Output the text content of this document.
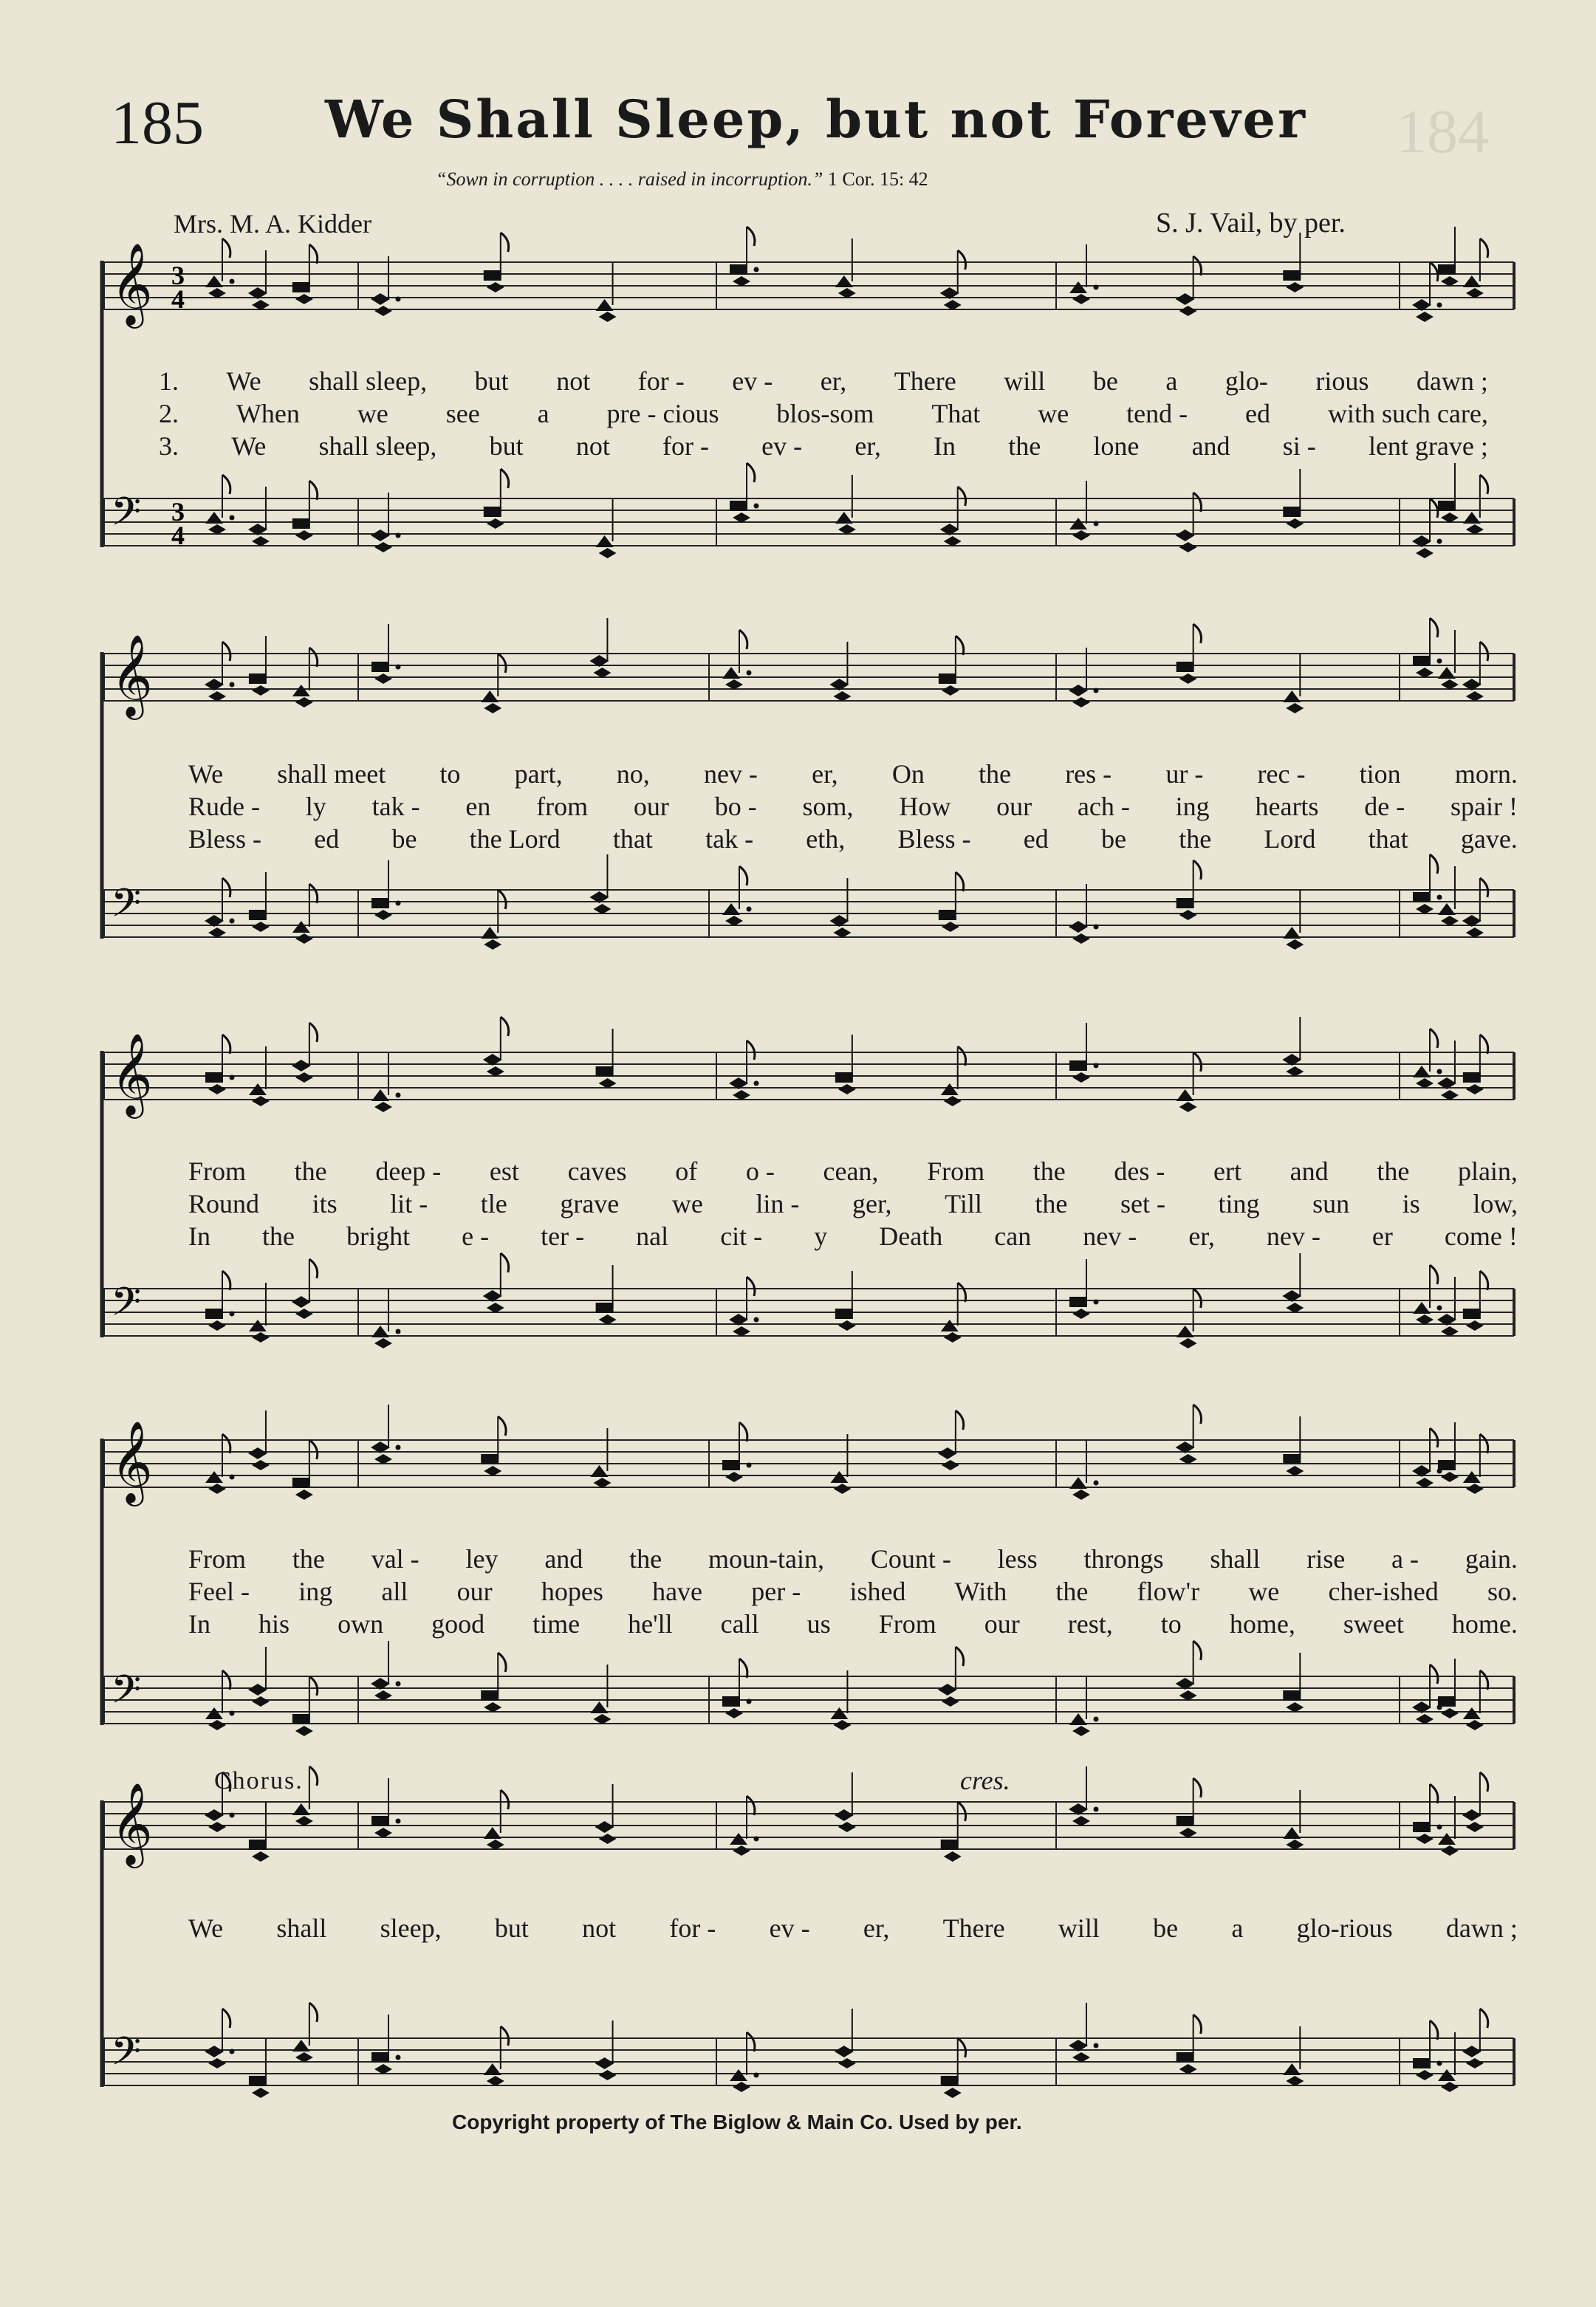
184
185 We Shall Sleep, but not Forever
“Sown in corruption . . . . raised in incorruption.” 1 Cor. 15: 42
Mrs. M. A. Kidder	S. J. Vail, by per.
𝄞 3
4
𝄢 3
4
1. We shall sleep, but not for - ev - er, There will be a glo- rious dawn ;
2. When we see a pre - cious blos-som That we tend - ed with such care,
3. We shall sleep, but not for - ev - er, In the lone and si - lent grave ;
𝄞
𝄢
We shall meet to part, no, nev - er, On the res - ur - rec - tion morn.
Rude - ly tak - en from our bo - som, How our ach - ing hearts de - spair !
Bless - ed be the Lord that tak - eth, Bless - ed be the Lord that gave.
𝄞
𝄢
From the deep - est caves of o - cean, From the des - ert and the plain,
Round its lit - tle grave we lin - ger, Till the set - ting sun is low,
In the bright e - ter - nal cit - y Death can nev - er, nev - er come !
𝄞
𝄢
From the val - ley and the moun-tain, Count - less throngs shall rise a - gain.
Feel - ing all our hopes have per - ished With the flow'r we cher-ished so.
In his own good time he'll call us From our rest, to home, sweet home.
𝄞
𝄢
We shall sleep, but not for - ev - er, There will be a glo-rious dawn ;
Chorus.	cres.
Copyright property of The Biglow & Main Co. Used by per.
